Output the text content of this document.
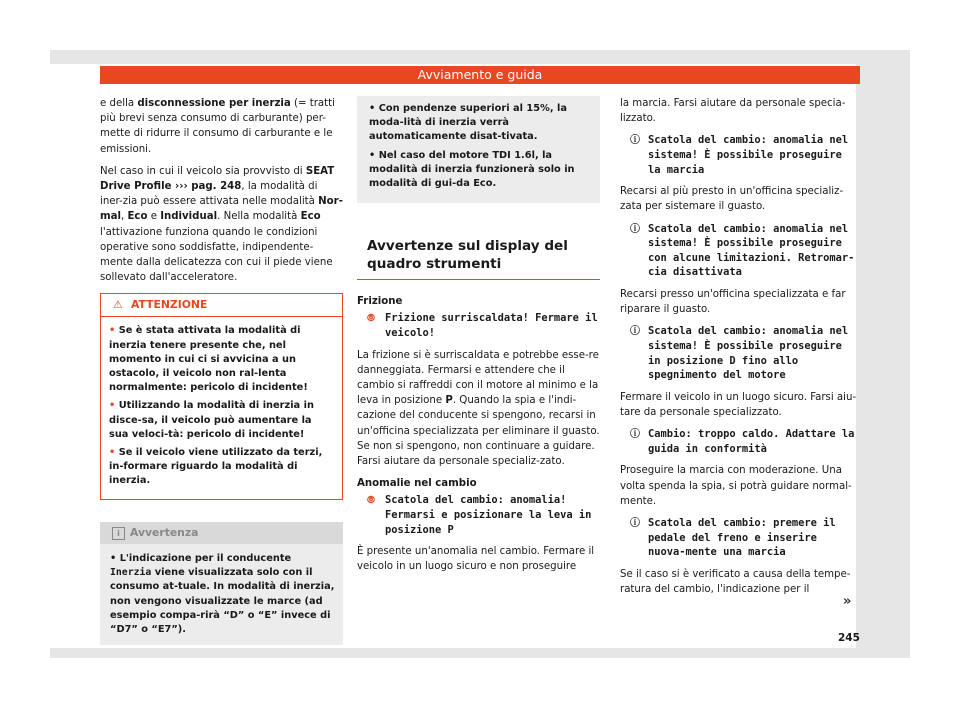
Avviamento e guida

e della disconnessione per inerzia (= tratti più brevi senza consumo di carburante) per-mette di ridurre il consumo di carburante e le emissioni.

Nel caso in cui il veicolo sia provvisto di SEAT Drive Profile ››› pag. 248, la modalità di iner-zia può essere attivata nelle modalità Nor-mal, Eco e Individual. Nella modalità Eco l'attivazione funziona quando le condizioni operative sono soddisfatte, indipendente-mente dalla delicatezza con cui il piede viene sollevato dall'acceleratore.

⚠ ATTENZIONE
• Se è stata attivata la modalità di inerzia tenere presente che, nel momento in cui ci si avvicina a un ostacolo, il veicolo non ral-lenta normalmente: pericolo di incidente!
• Utilizzando la modalità di inerzia in disce-sa, il veicolo può aumentare la sua veloci-tà: pericolo di incidente!
• Se il veicolo viene utilizzato da terzi, in-formare riguardo la modalità di inerzia.
i Avvertenza
• L'indicazione per il conducente Inerzia viene visualizzata solo con il consumo at-tuale. In modalità di inerzia, non vengono visualizzate le marce (ad esempio compa-rirà “D” o “E” invece di “D7” o “E7”).
• Con pendenze superiori al 15%, la moda-lità di inerzia verrà automaticamente disat-tivata.
• Nel caso del motore TDI 1.6l, la modalità di inerzia funzionerà solo in modalità di gui-da Eco.
Avvertenze sul display del quadro strumenti

Frizione

⦾ Frizione surriscaldata! Fermare il veicolo!

La frizione si è surriscaldata e potrebbe esse-re danneggiata. Fermarsi e attendere che il cambio si raffreddi con il motore al minimo e la leva in posizione P. Quando la spia e l'indi-cazione del conducente si spengono, recarsi in un'officina specializzata per eliminare il guasto. Se non si spengono, non continuare a guidare. Farsi aiutare da personale specializ-zato.

Anomalie nel cambio

⦾ Scatola del cambio: anomalia! Fermarsi e posizionare la leva in posizione P

È presente un'anomalia nel cambio. Fermare il veicolo in un luogo sicuro e non proseguire

la marcia. Farsi aiutare da personale specia-lizzato.

ⓘ Scatola del cambio: anomalia nel sistema! È possibile proseguire la marcia

Recarsi al più presto in un'officina specializ-zata per sistemare il guasto.

ⓘ Scatola del cambio: anomalia nel sistema! È possibile proseguire con alcune limitazioni. Retromar-cia disattivata

Recarsi presso un'officina specializzata e far riparare il guasto.

ⓘ Scatola del cambio: anomalia nel sistema! È possibile proseguire in posizione D fino allo spegnimento del motore

Fermare il veicolo in un luogo sicuro. Farsi aiu-tare da personale specializzato.

ⓘ Cambio: troppo caldo. Adattare la guida in conformità

Proseguire la marcia con moderazione. Una volta spenda la spia, si potrà guidare normal-mente.

ⓘ Scatola del cambio: premere il pedale del freno e inserire nuova-mente una marcia

Se il caso si è verificato a causa della tempe-ratura del cambio, l'indicazione per il

»
245
